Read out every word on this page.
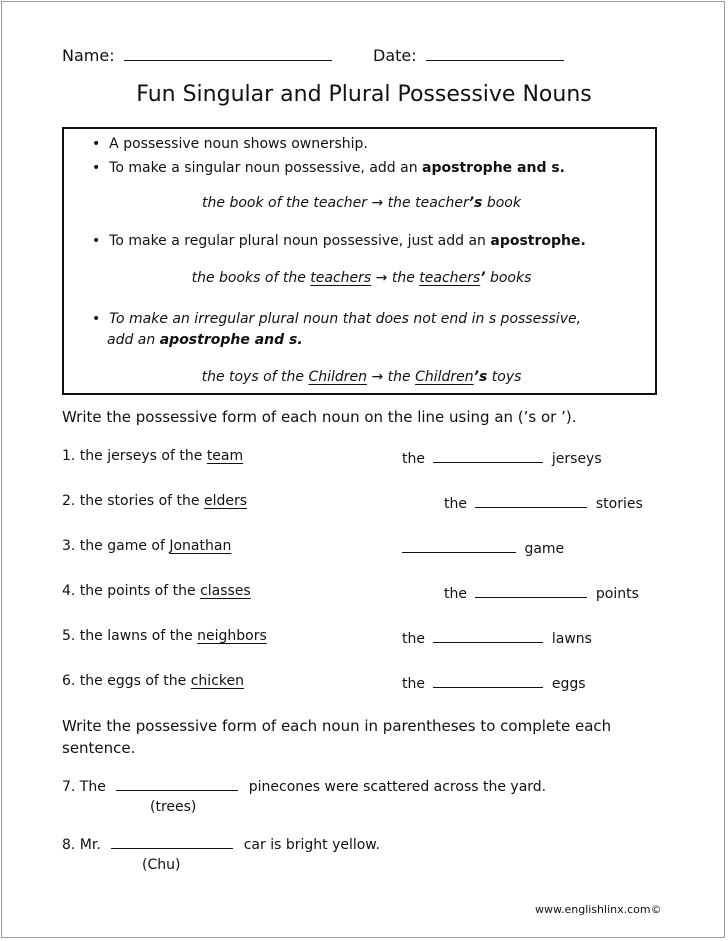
Name:	Date:
Fun Singular and Plural Possessive Nouns
•  A possessive noun shows ownership.
•  To make a singular noun possessive, add an apostrophe and s.
the book of the teacher → the teacher’s book
•  To make a regular plural noun possessive, just add an apostrophe.
the books of the teachers → the teachers’ books
•  To make an irregular plural noun that does not end in s possessive,
add an apostrophe and s.
the toys of the Children → the Children’s toys
Write the possessive form of each noun on the line using an (’s or ’).
1. the jerseys of the team	the	jerseys
2. the stories of the elders	the	stories
3. the game of Jonathan	game
4. the points of the classes	the	points
5. the lawns of the neighbors	the	lawns
6. the eggs of the chicken	the	eggs
Write the possessive form of each noun in parentheses to complete each
sentence.
7. The	pinecones were scattered across the yard.
(trees)
8. Mr.	car is bright yellow.
(Chu)
www.englishlinx.com©
